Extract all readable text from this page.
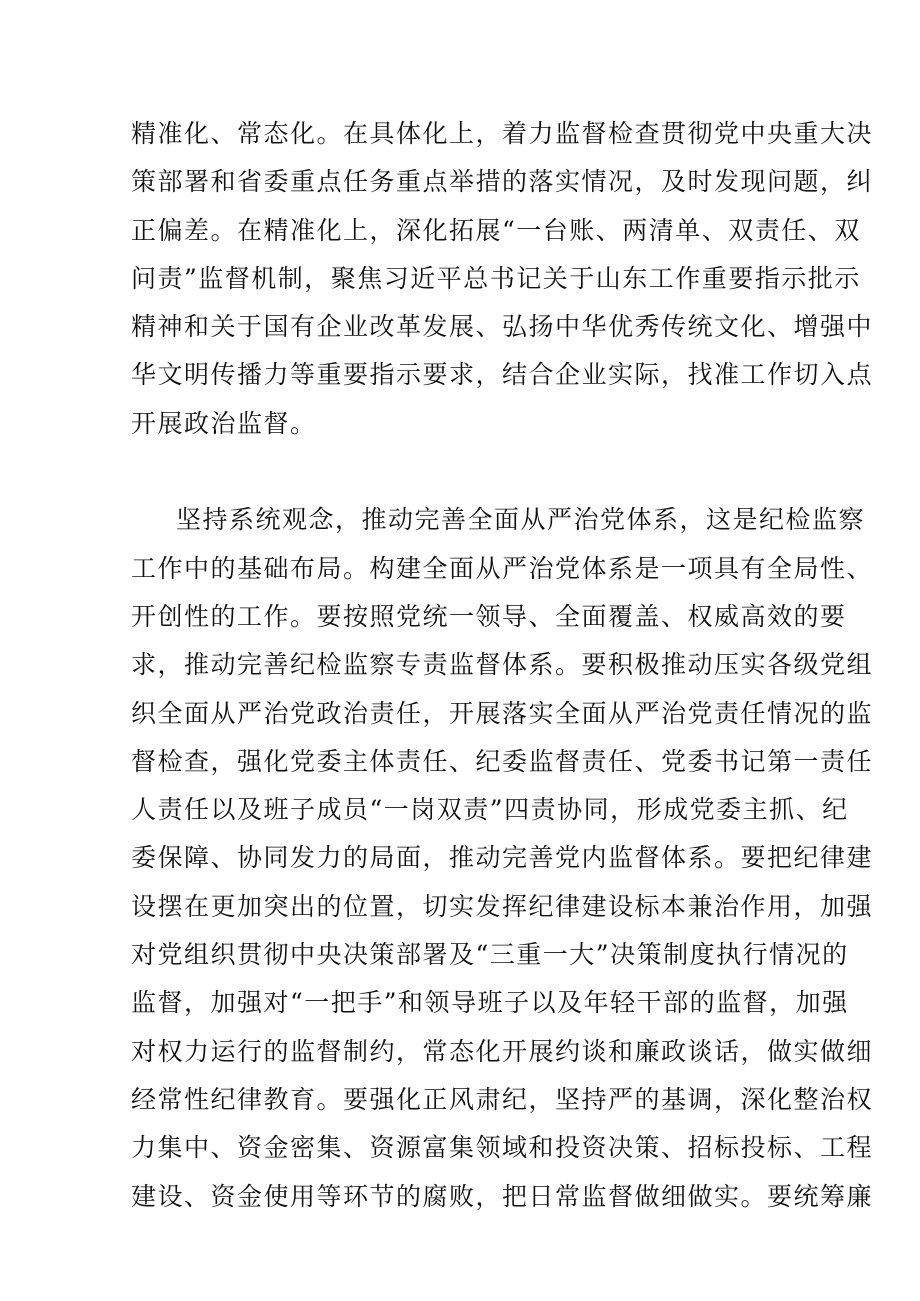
精准化、常态化。在具体化上，着力监督检查贯彻党中央重大决
策部署和省委重点任务重点举措的落实情况，及时发现问题，纠
正偏差。在精准化上，深化拓展“一台账、两清单、双责任、双
问责”监督机制，聚焦习近平总书记关于山东工作重要指示批示
精神和关于国有企业改革发展、弘扬中华优秀传统文化、增强中
华文明传播力等重要指示要求，结合企业实际，找准工作切入点
开展政治监督。
坚持系统观念，推动完善全面从严治党体系，这是纪检监察
工作中的基础布局。构建全面从严治党体系是一项具有全局性、
开创性的工作。要按照党统一领导、全面覆盖、权威高效的要
求，推动完善纪检监察专责监督体系。要积极推动压实各级党组
织全面从严治党政治责任，开展落实全面从严治党责任情况的监
督检查，强化党委主体责任、纪委监督责任、党委书记第一责任
人责任以及班子成员“一岗双责”四责协同，形成党委主抓、纪
委保障、协同发力的局面，推动完善党内监督体系。要把纪律建
设摆在更加突出的位置，切实发挥纪律建设标本兼治作用，加强
对党组织贯彻中央决策部署及“三重一大”决策制度执行情况的
监督，加强对“一把手”和领导班子以及年轻干部的监督，加强
对权力运行的监督制约，常态化开展约谈和廉政谈话，做实做细
经常性纪律教育。要强化正风肃纪，坚持严的基调，深化整治权
力集中、资金密集、资源富集领域和投资决策、招标投标、工程
建设、资金使用等环节的腐败，把日常监督做细做实。要统筹廉
